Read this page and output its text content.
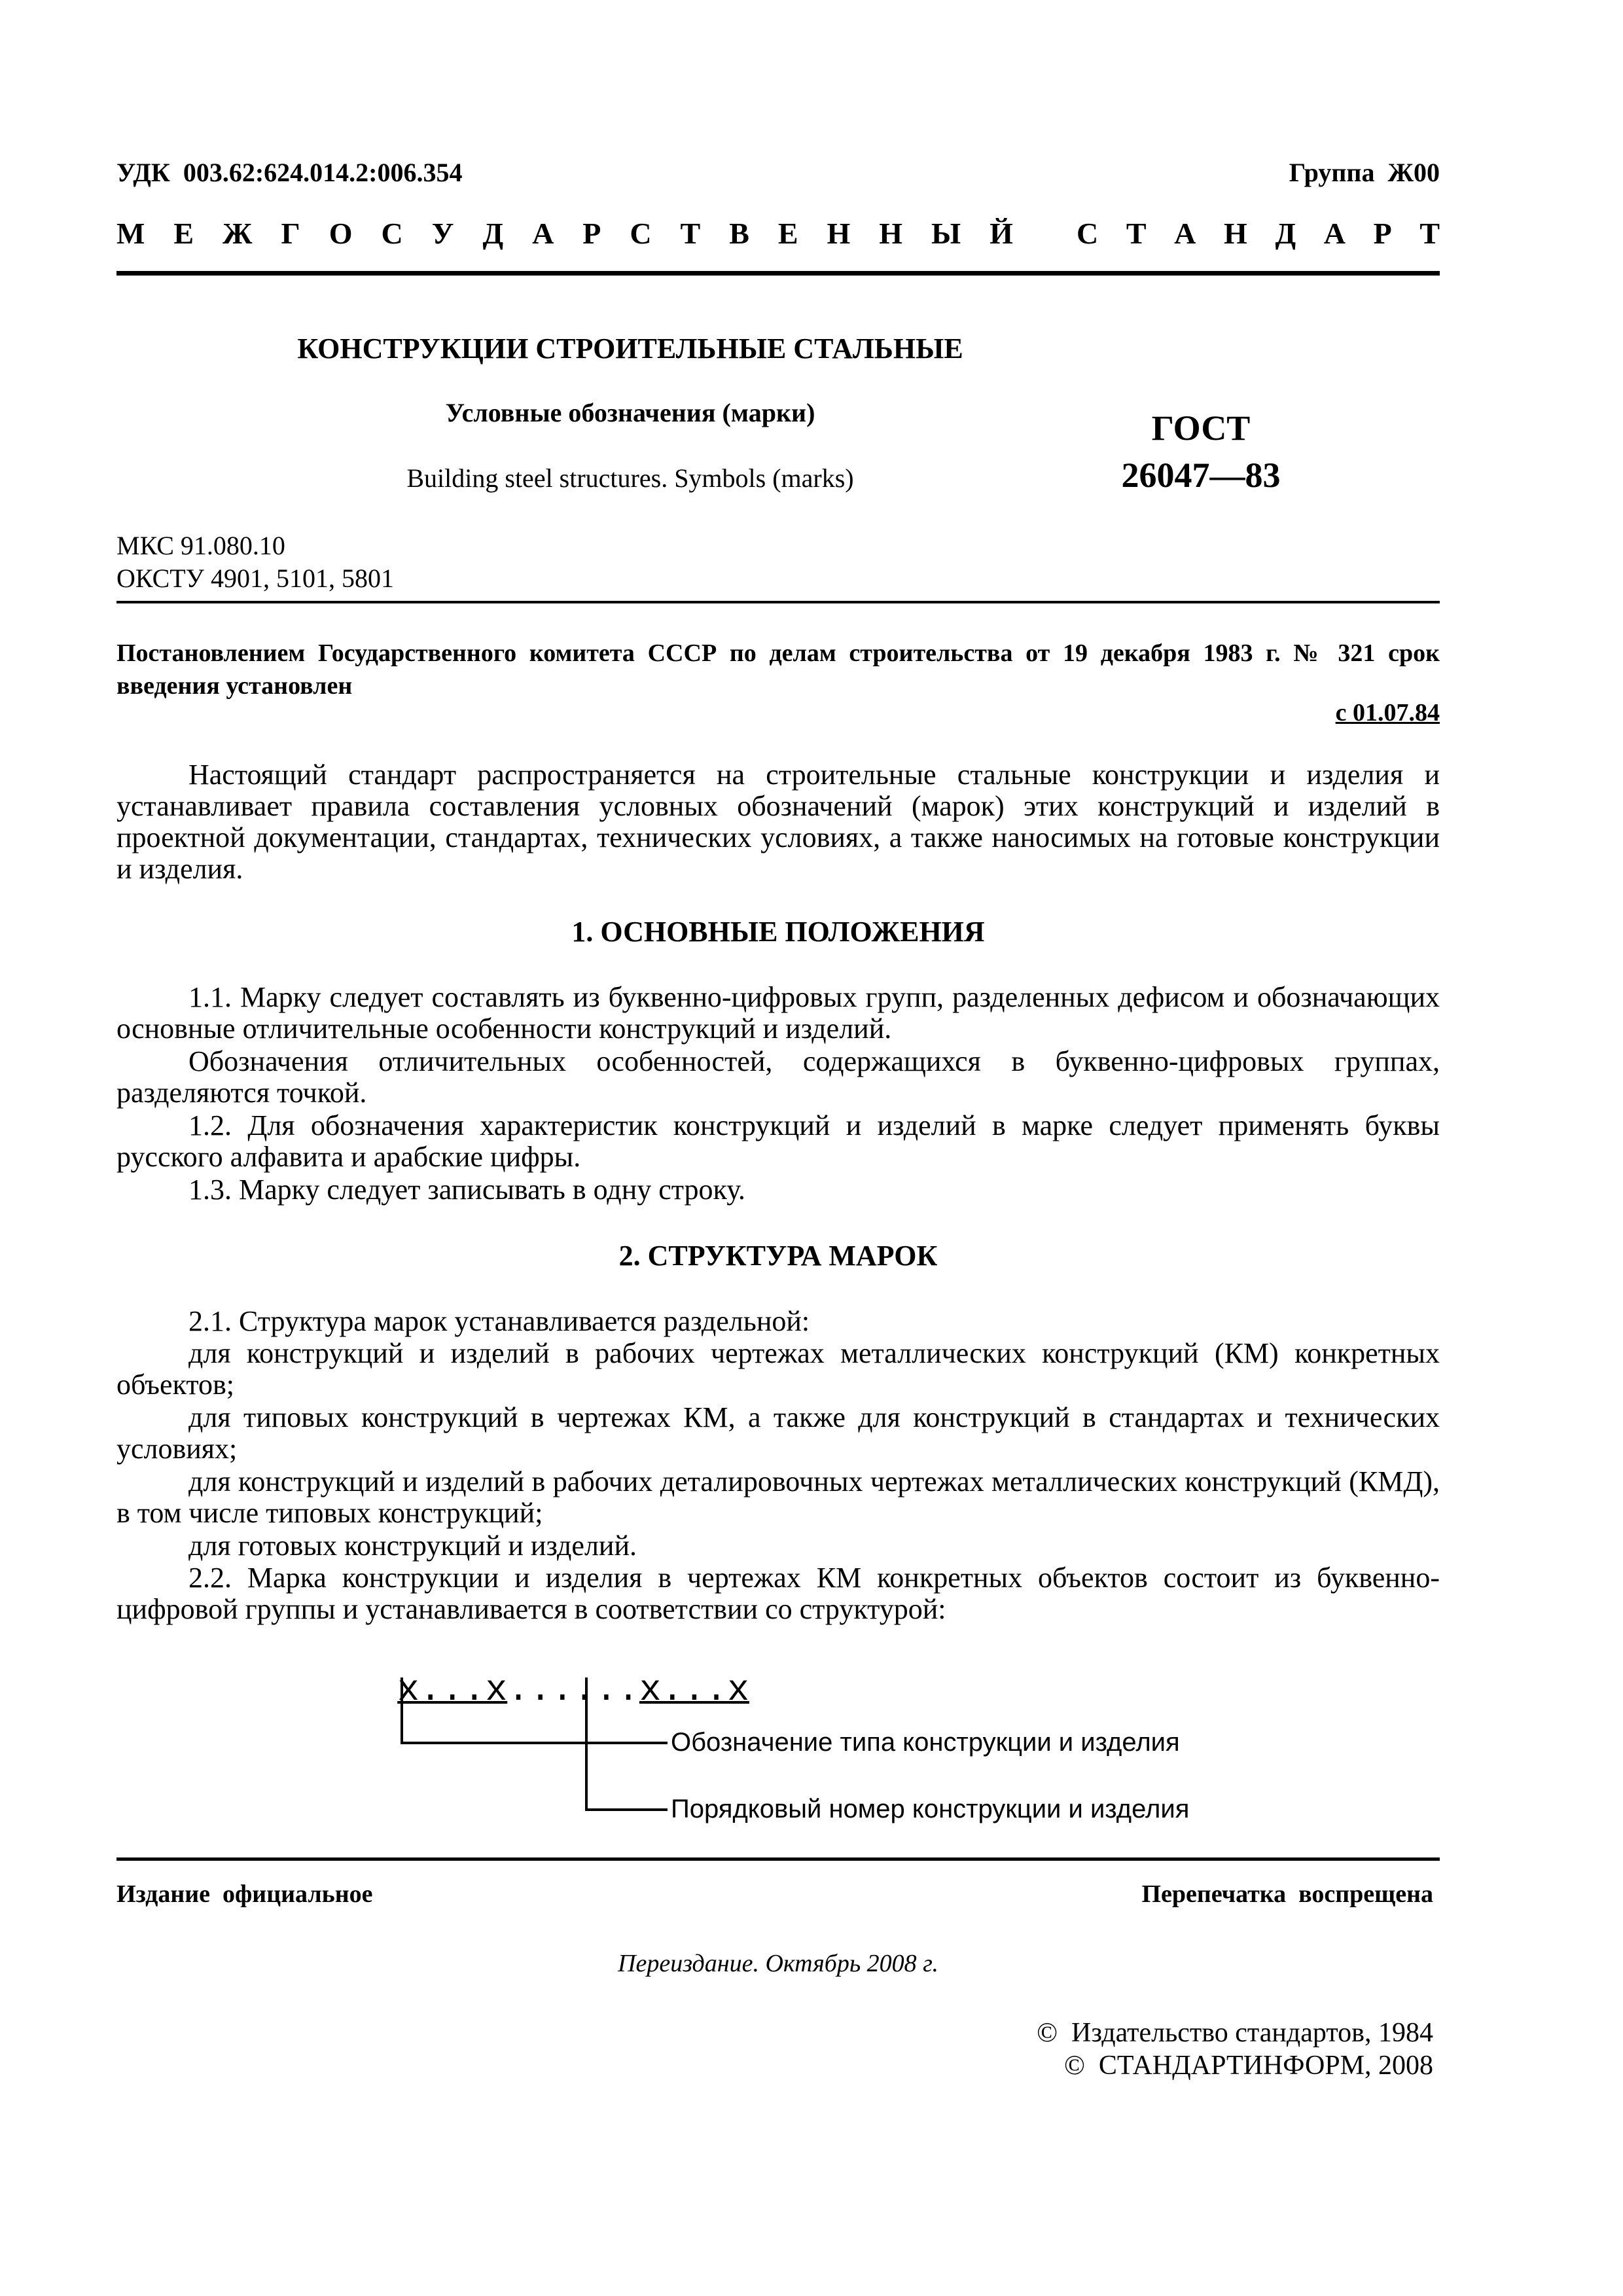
УДК  003.62:624.014.2:006.354	Группа  Ж00
М Е Ж Г О С У Д А Р С Т В Е Н Н Ы Й С Т А Н Д А Р Т
КОНСТРУКЦИИ СТРОИТЕЛЬНЫЕ СТАЛЬНЫЕ
Условные обозначения (марки)
Building steel structures. Symbols (marks)
ГОСТ
26047—83
МКС 91.080.10
ОКСТУ 4901, 5101, 5801
Постановлением Государственного комитета СССР по делам строительства от 19 декабря 1983 г. № 321 срок введения установлен
с 01.07.84
Настоящий стандарт распространяется на строительные стальные конструкции и изделия и устанавливает правила составления условных обозначений (марок) этих конструкций и изделий в проектной документации, стандартах, технических условиях, а также наносимых на готовые конструкции и изделия.
1. ОСНОВНЫЕ ПОЛОЖЕНИЯ
1.1. Марку следует составлять из буквенно-цифровых групп, разделенных дефисом и обозначающих основные отличительные особенности конструкций и изделий.
Обозначения отличительных особенностей, содержащихся в буквенно-цифровых группах, разделяются точкой.
1.2. Для обозначения характеристик конструкций и изделий в марке следует применять буквы русского алфавита и арабские цифры.
1.3. Марку следует записывать в одну строку.
2. СТРУКТУРА МАРОК
2.1. Структура марок устанавливается раздельной:
для конструкций и изделий в рабочих чертежах металлических конструкций (КМ) конкретных объектов;
для типовых конструкций в чертежах КМ, а также для конструкций в стандартах и технических условиях;
для конструкций и изделий в рабочих деталировочных чертежах металлических конструкций (КМД), в том числе типовых конструкций;
для готовых конструкций и изделий.
2.2. Марка конструкции и изделия в чертежах КМ конкретных объектов состоит из буквенно-цифровой группы и устанавливается в соответствии со структурой:

x...x......x...x

Обозначение типа конструкции и изделия
Порядковый номер конструкции и изделия
Издание  официальное	Перепечатка  воспрещена
Переиздание. Октябрь 2008 г.
©  Издательство стандартов, 1984
©  СТАНДАРТИНФОРМ, 2008
